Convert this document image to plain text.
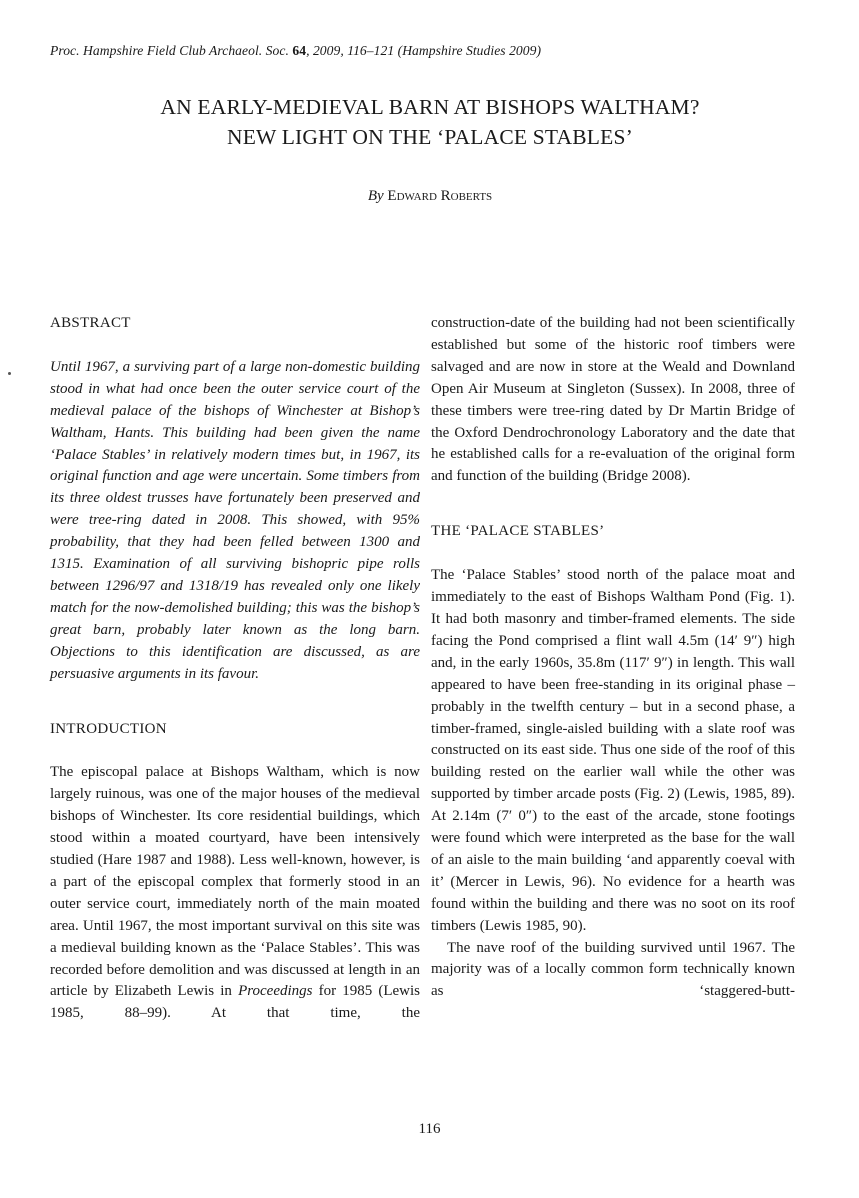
Proc. Hampshire Field Club Archaeol. Soc. 64, 2009, 116–121 (Hampshire Studies 2009)
AN EARLY-MEDIEVAL BARN AT BISHOPS WALTHAM?
NEW LIGHT ON THE ‘PALACE STABLES’
By Edward Roberts
ABSTRACT

Until 1967, a surviving part of a large non-domestic building stood in what had once been the outer service court of the medieval palace of the bishops of Winchester at Bishop’s Waltham, Hants. This building had been given the name ‘Palace Stables’ in relatively modern times but, in 1967, its original function and age were uncertain. Some timbers from its three oldest trusses have fortunately been preserved and were tree-ring dated in 2008. This showed, with 95% probability, that they had been felled between 1300 and 1315. Examination of all surviving bishopric pipe rolls between 1296/97 and 1318/19 has revealed only one likely match for the now-demolished building; this was the bishop’s great barn, probably later known as the long barn. Objections to this identification are discussed, as are persuasive arguments in its favour.

INTRODUCTION

The episcopal palace at Bishops Waltham, which is now largely ruinous, was one of the major houses of the medieval bishops of Winchester. Its core residential buildings, which stood within a moated courtyard, have been intensively studied (Hare 1987 and 1988). Less well-known, however, is a part of the episcopal complex that formerly stood in an outer service court, immediately north of the main moated area. Until 1967, the most important survival on this site was a medieval building known as the ‘Palace Stables’. This was recorded before demolition and was discussed at length in an article by Elizabeth Lewis in Proceedings for 1985 (Lewis 1985, 88–99). At that time, the

construction-date of the building had not been scientifically established but some of the historic roof timbers were salvaged and are now in store at the Weald and Downland Open Air Museum at Singleton (Sussex). In 2008, three of these timbers were tree-ring dated by Dr Martin Bridge of the Oxford Dendrochronology Laboratory and the date that he established calls for a re-evaluation of the original form and function of the building (Bridge 2008).

THE ‘PALACE STABLES’

The ‘Palace Stables’ stood north of the palace moat and immediately to the east of Bishops Waltham Pond (Fig. 1). It had both masonry and timber-framed elements. The side facing the Pond comprised a flint wall 4.5m (14′ 9″) high and, in the early 1960s, 35.8m (117′ 9″) in length. This wall appeared to have been free-standing in its original phase – probably in the twelfth century – but in a second phase, a timber-framed, single-aisled building with a slate roof was constructed on its east side. Thus one side of the roof of this building rested on the earlier wall while the other was supported by timber arcade posts (Fig. 2) (Lewis, 1985, 89). At 2.14m (7′ 0″) to the east of the arcade, stone footings were found which were interpreted as the base for the wall of an aisle to the main building ‘and apparently coeval with it’ (Mercer in Lewis, 96). No evidence for a hearth was found within the building and there was no soot on its roof timbers (Lewis 1985, 90).

The nave roof of the building survived until 1967. The majority was of a locally common form technically known as ‘staggered-butt-

116
